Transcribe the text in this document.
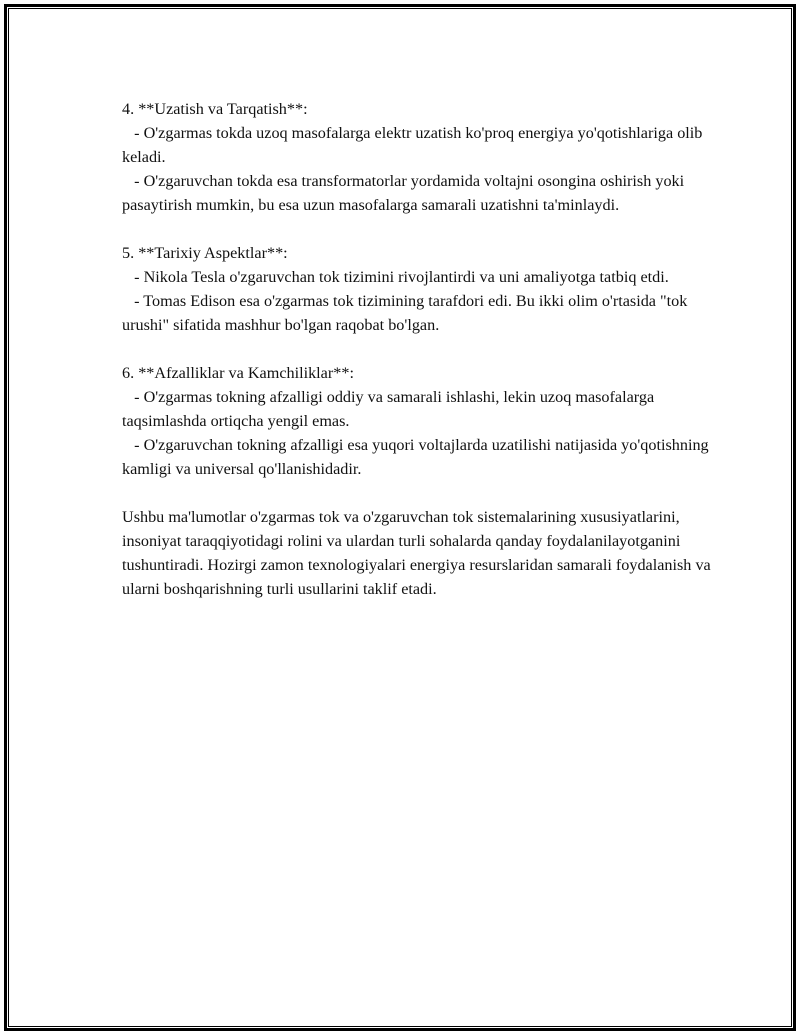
4. **Uzatish va Tarqatish**:

- O'zgarmas tokda uzoq masofalarga elektr uzatish ko'proq energiya yo'qotishlariga olib keladi.

- O'zgaruvchan tokda esa transformatorlar yordamida voltajni osongina oshirish yoki pasaytirish mumkin, bu esa uzun masofalarga samarali uzatishni ta'minlaydi.

5. **Tarixiy Aspektlar**:

- Nikola Tesla o'zgaruvchan tok tizimini rivojlantirdi va uni amaliyotga tatbiq etdi.

- Tomas Edison esa o'zgarmas tok tizimining tarafdori edi. Bu ikki olim o'rtasida "tok urushi" sifatida mashhur bo'lgan raqobat bo'lgan.

6. **Afzalliklar va Kamchiliklar**:

- O'zgarmas tokning afzalligi oddiy va samarali ishlashi, lekin uzoq masofalarga taqsimlashda ortiqcha yengil emas.

- O'zgaruvchan tokning afzalligi esa yuqori voltajlarda uzatilishi natijasida yo'qotishning kamligi va universal qo'llanishidadir.

Ushbu ma'lumotlar o'zgarmas tok va o'zgaruvchan tok sistemalarining xususiyatlarini, insoniyat taraqqiyotidagi rolini va ulardan turli sohalarda qanday foydalanilayotganini tushuntiradi. Hozirgi zamon texnologiyalari energiya resurslaridan samarali foydalanish va ularni boshqarishning turli usullarini taklif etadi.
